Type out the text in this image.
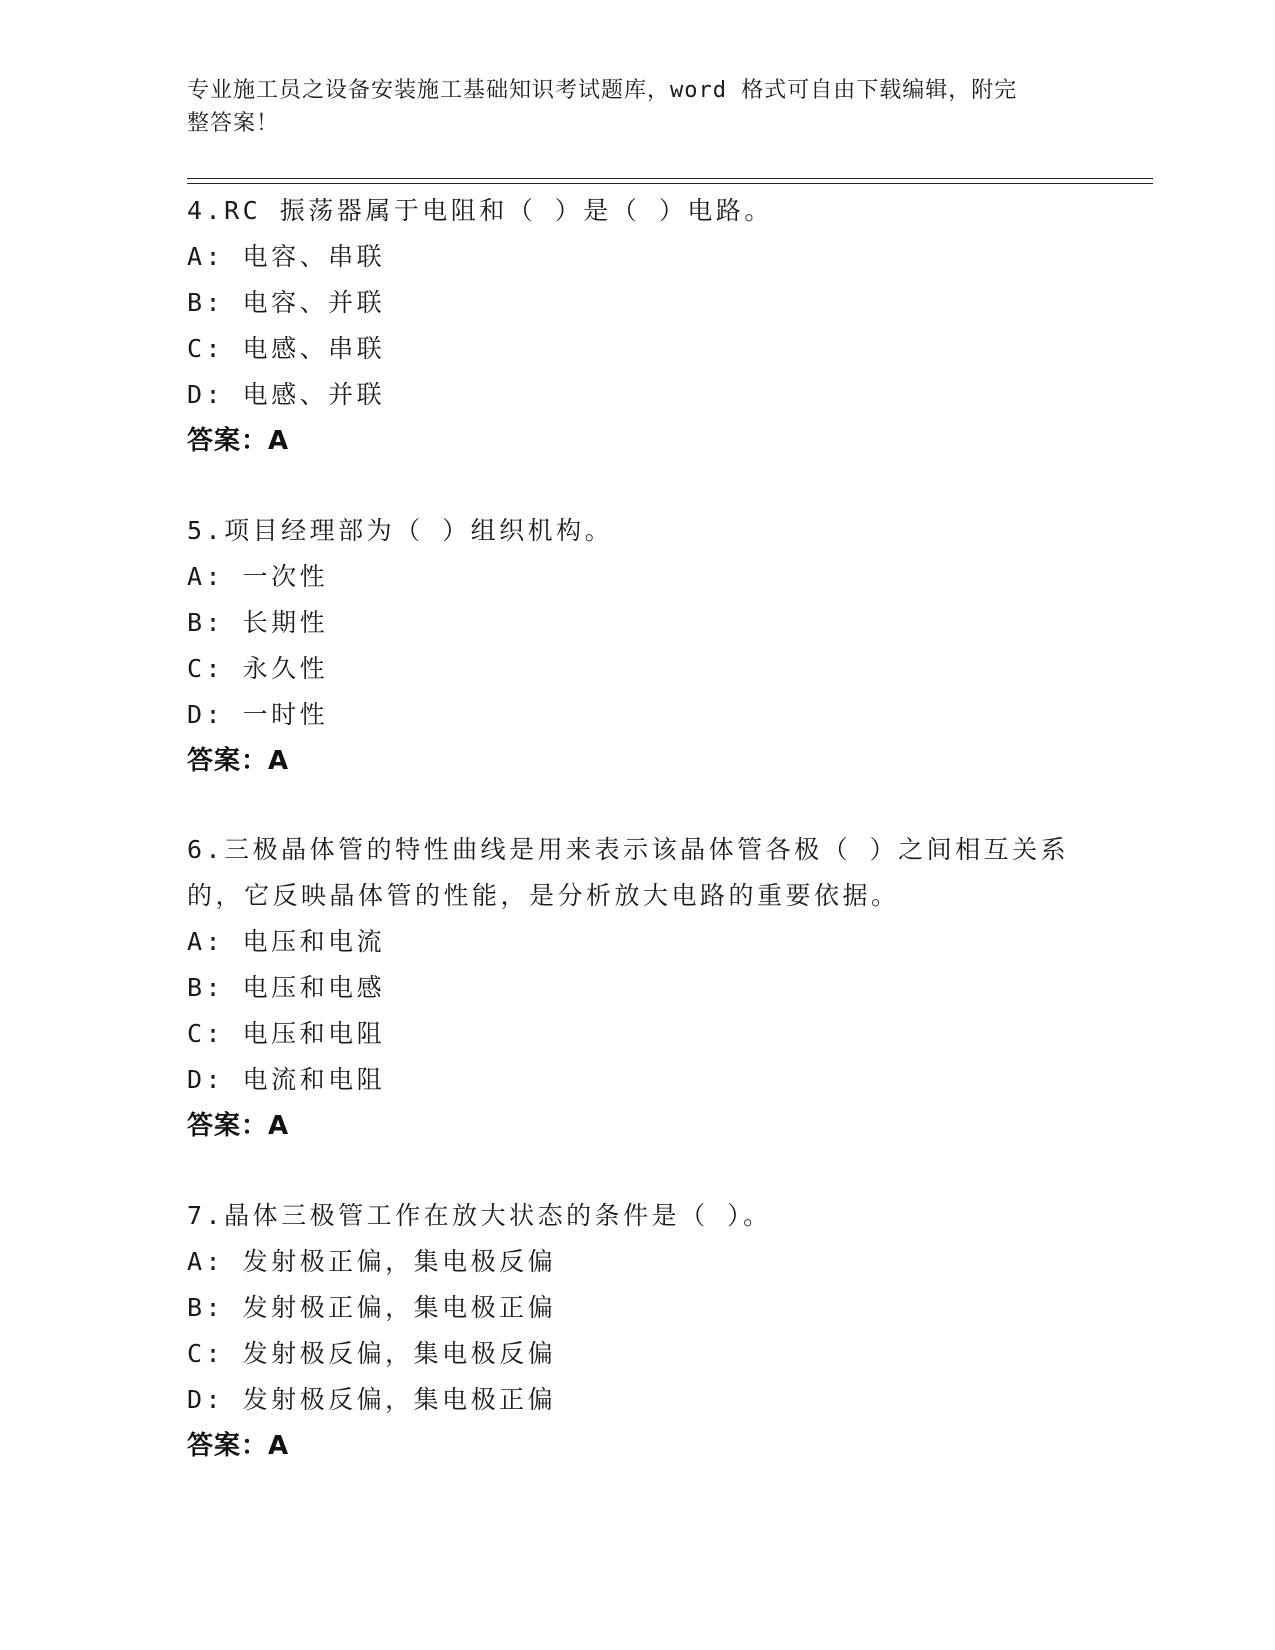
专业施工员之设备安装施工基础知识考试题库，word 格式可自由下载编辑，附完
整答案！
4.RC 振荡器属于电阻和（ ）是（ ）电路。
A: 电容、串联
B: 电容、并联
C: 电感、串联
D: 电感、并联
答案：A
5.项目经理部为（ ）组织机构。
A: 一次性
B: 长期性
C: 永久性
D: 一时性
答案：A
6.三极晶体管的特性曲线是用来表示该晶体管各极（ ）之间相互关系
的，它反映晶体管的性能，是分析放大电路的重要依据。
A: 电压和电流
B: 电压和电感
C: 电压和电阻
D: 电流和电阻
答案：A
7.晶体三极管工作在放大状态的条件是（ ）。
A: 发射极正偏，集电极反偏
B: 发射极正偏，集电极正偏
C: 发射极反偏，集电极反偏
D: 发射极反偏，集电极正偏
答案：A
